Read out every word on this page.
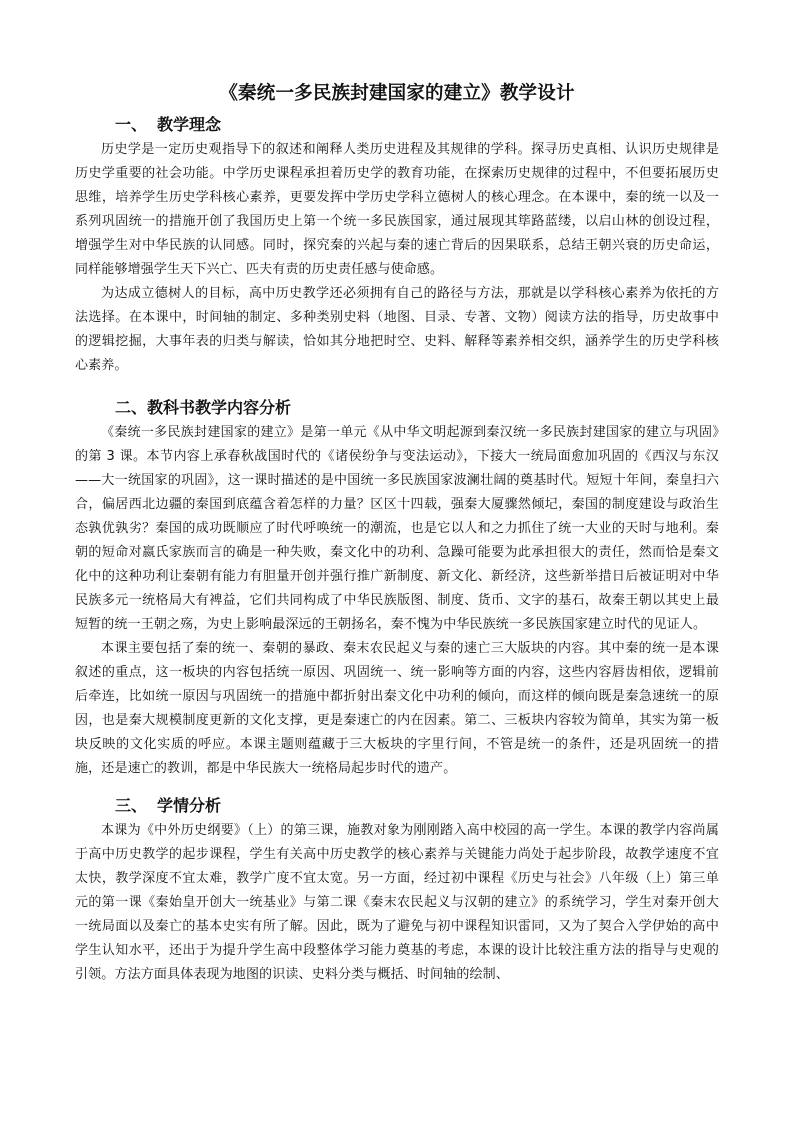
《秦统一多民族封建国家的建立》教学设计
一、 教学理念

历史学是一定历史观指导下的叙述和阐释人类历史进程及其规律的学科。探寻历史真相、认识历史规律是历史学重要的社会功能。中学历史课程承担着历史学的教育功能，在探索历史规律的过程中，不但要拓展历史思维，培养学生历史学科核心素养，更要发挥中学历史学科立德树人的核心理念。在本课中，秦的统一以及一系列巩固统一的措施开创了我国历史上第一个统一多民族国家，通过展现其筚路蓝缕，以启山林的创设过程，增强学生对中华民族的认同感。同时，探究秦的兴起与秦的速亡背后的因果联系，总结王朝兴衰的历史命运，同样能够增强学生天下兴亡、匹夫有责的历史责任感与使命感。

为达成立德树人的目标，高中历史教学还必须拥有自己的路径与方法，那就是以学科核心素养为依托的方法选择。在本课中，时间轴的制定、多种类别史料（地图、目录、专著、文物）阅读方法的指导，历史故事中的逻辑挖掘，大事年表的归类与解读，恰如其分地把时空、史料、解释等素养相交织，涵养学生的历史学科核心素养。

二、 教科书教学内容分析

《秦统一多民族封建国家的建立》是第一单元《从中华文明起源到秦汉统一多民族封建国家的建立与巩固》的第 3 课。本节内容上承春秋战国时代的《诸侯纷争与变法运动》，下接大一统局面愈加巩固的《西汉与东汉——大一统国家的巩固》，这一课时描述的是中国统一多民族国家波澜壮阔的奠基时代。短短十年间，秦皇扫六合，偏居西北边疆的秦国到底蕴含着怎样的力量？区区十四载，强秦大厦骤然倾圮，秦国的制度建设与政治生态孰优孰劣？秦国的成功既顺应了时代呼唤统一的潮流，也是它以人和之力抓住了统一大业的天时与地利。秦朝的短命对嬴氏家族而言的确是一种失败，秦文化中的功利、急躁可能要为此承担很大的责任，然而恰是秦文化中的这种功利让秦朝有能力有胆量开创并强行推广新制度、新文化、新经济，这些新举措日后被证明对中华民族多元一统格局大有裨益，它们共同构成了中华民族版图、制度、货币、文字的基石，故秦王朝以其史上最短暂的统一王朝之殇，为史上影响最深远的王朝扬名，秦不愧为中华民族统一多民族国家建立时代的见证人。

本课主要包括了秦的统一、秦朝的暴政、秦末农民起义与秦的速亡三大版块的内容。其中秦的统一是本课叙述的重点，这一板块的内容包括统一原因、巩固统一、统一影响等方面的内容，这些内容唇齿相依，逻辑前后牵连，比如统一原因与巩固统一的措施中都折射出秦文化中功利的倾向，而这样的倾向既是秦急速统一的原因，也是秦大规模制度更新的文化支撑，更是秦速亡的内在因素。第二、三板块内容较为简单，其实为第一板块反映的文化实质的呼应。本课主题则蕴藏于三大板块的字里行间，不管是统一的条件，还是巩固统一的措施，还是速亡的教训，都是中华民族大一统格局起步时代的遗产。

三、 学情分析

本课为《中外历史纲要》（上）的第三课，施教对象为刚刚踏入高中校园的高一学生。本课的教学内容尚属于高中历史教学的起步课程，学生有关高中历史教学的核心素养与关键能力尚处于起步阶段，故教学速度不宜太快，教学深度不宜太难，教学广度不宜太宽。另一方面，经过初中课程《历史与社会》八年级（上）第三单元的第一课《秦始皇开创大一统基业》与第二课《秦末农民起义与汉朝的建立》的系统学习，学生对秦开创大一统局面以及秦亡的基本史实有所了解。因此，既为了避免与初中课程知识雷同，又为了契合入学伊始的高中学生认知水平，还出于为提升学生高中段整体学习能力奠基的考虑，本课的设计比较注重方法的指导与史观的引领。方法方面具体表现为地图的识读、史料分类与概括、时间轴的绘制、
